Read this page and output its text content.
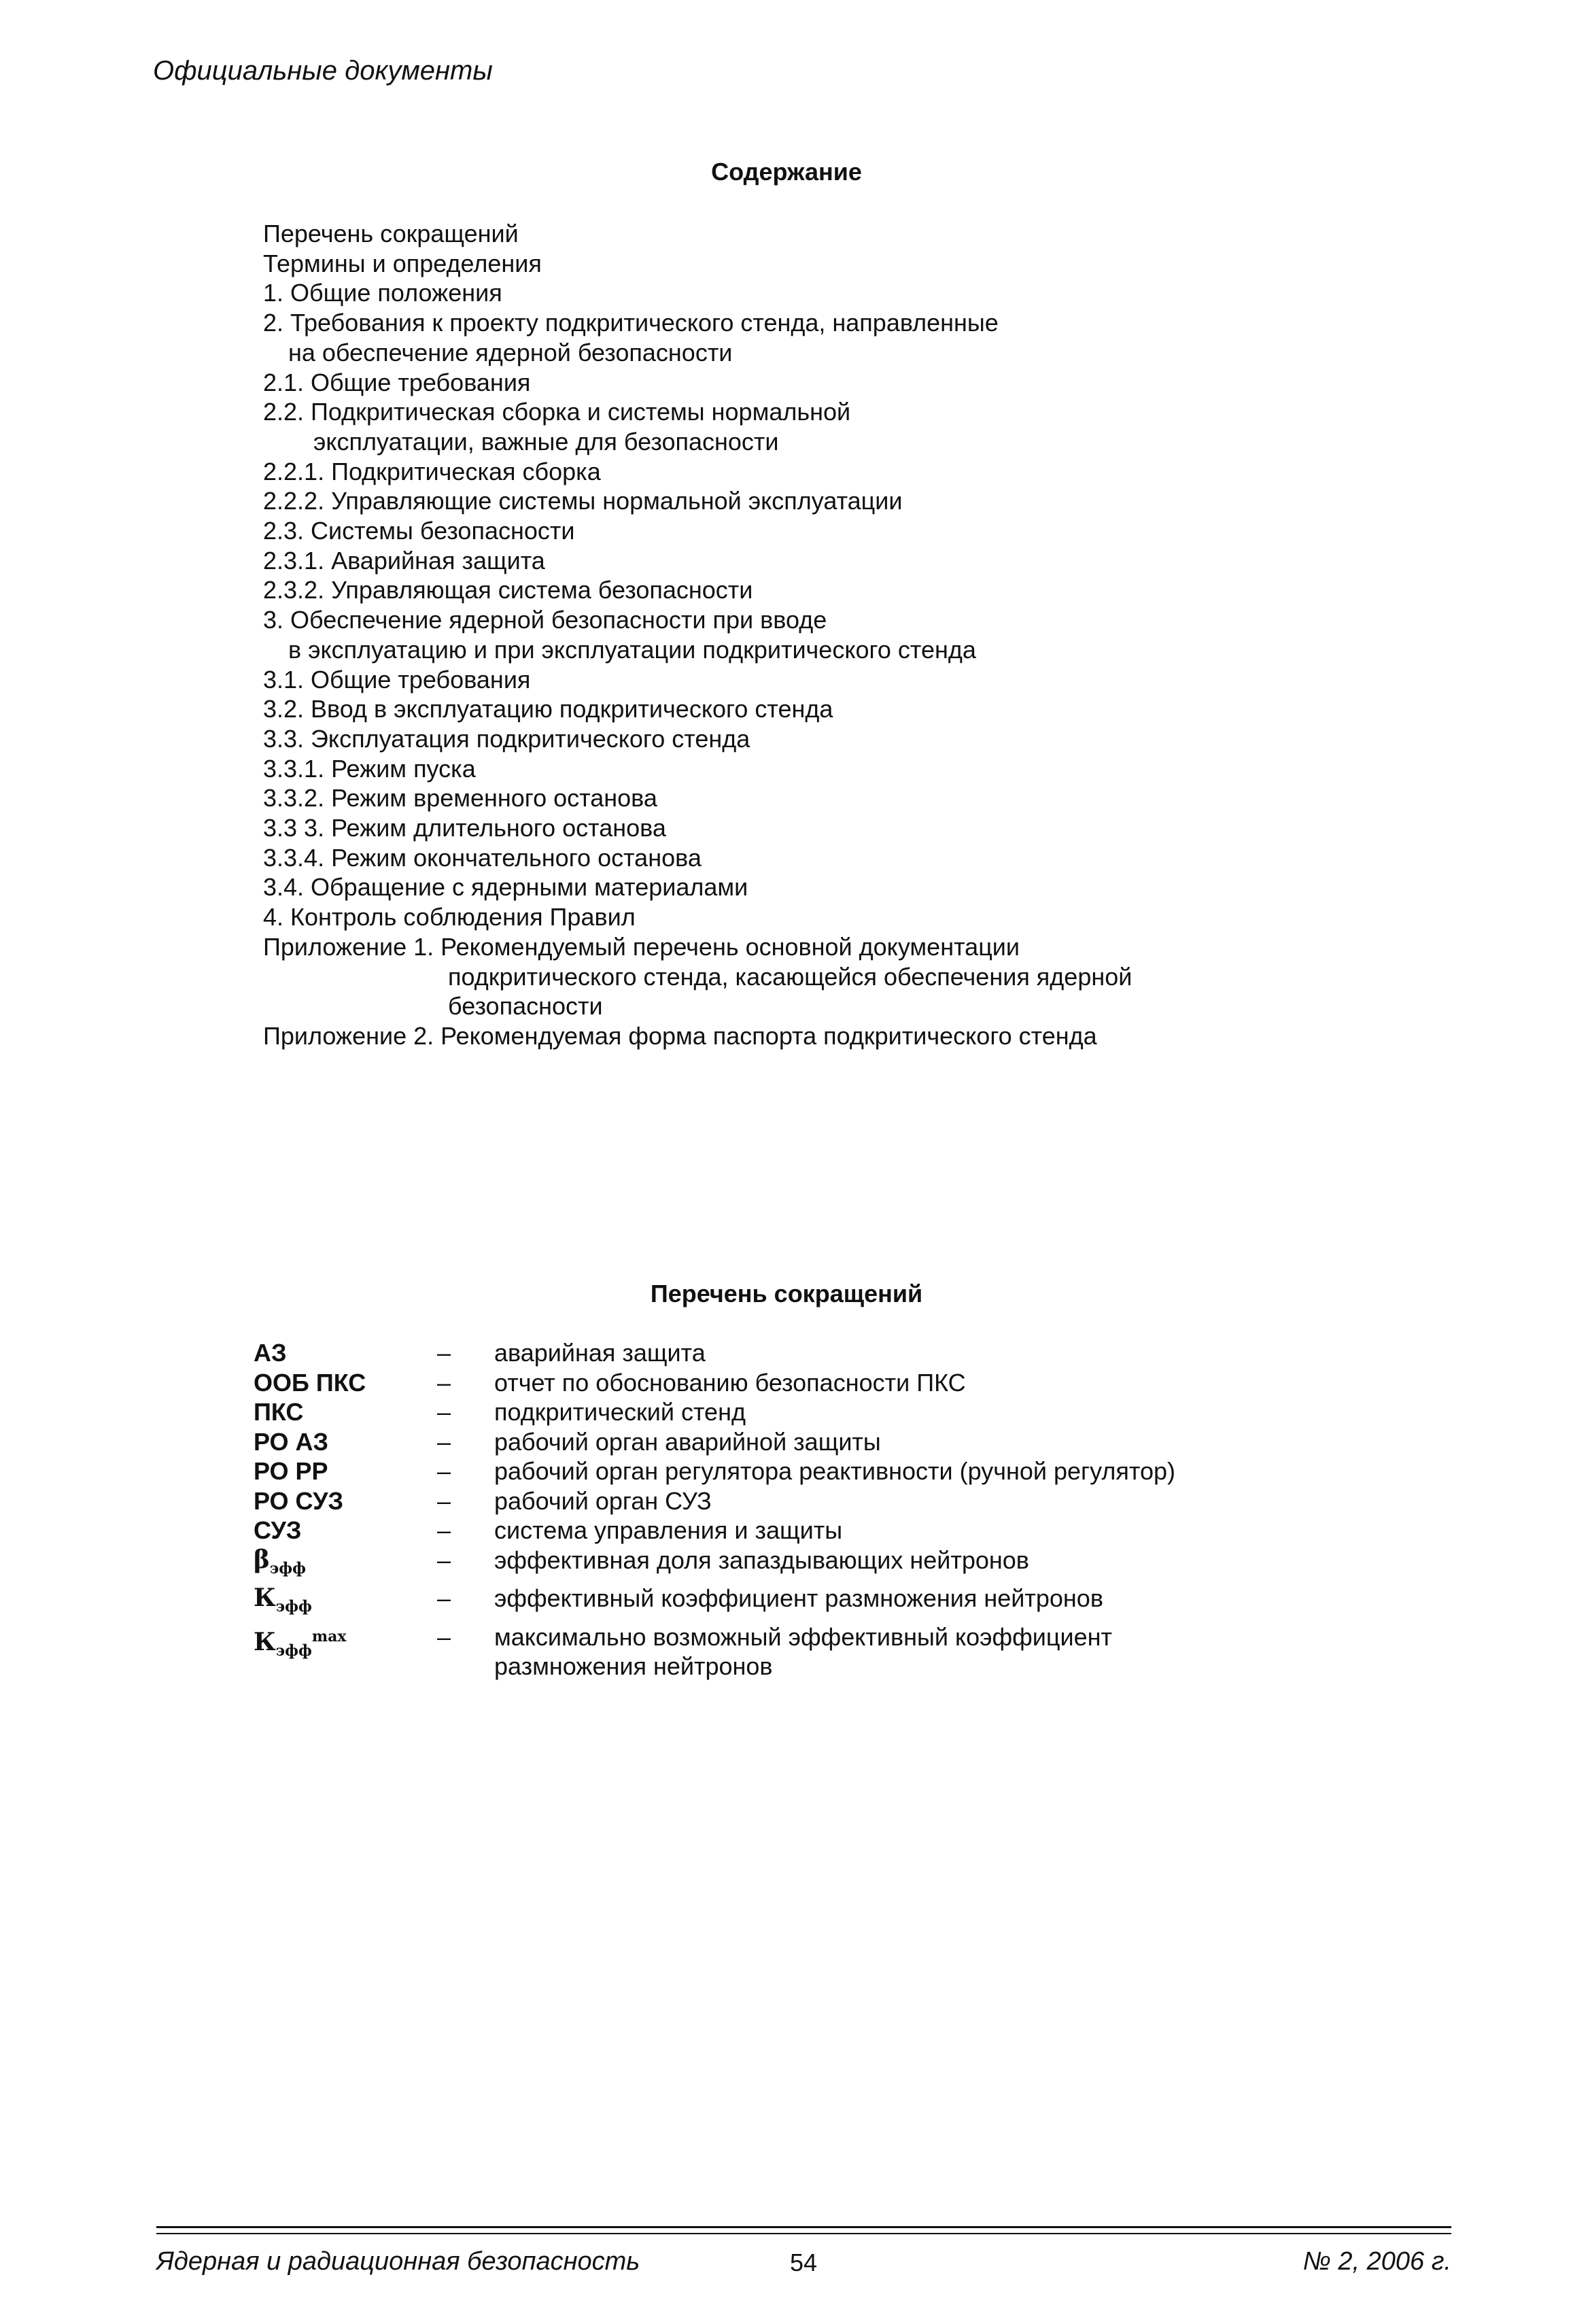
Официальные документы
Содержание
Перечень сокращений
Термины и определения
1. Общие положения
2. Требования к проекту подкритического стенда, направленные
на обеспечение ядерной безопасности
2.1. Общие требования
2.2. Подкритическая сборка и системы нормальной
эксплуатации, важные для безопасности
2.2.1. Подкритическая сборка
2.2.2. Управляющие системы нормальной эксплуатации
2.3. Системы безопасности
2.3.1. Аварийная защита
2.3.2. Управляющая система безопасности
3. Обеспечение ядерной безопасности при вводе
в эксплуатацию и при эксплуатации подкритического стенда
3.1. Общие требования
3.2. Ввод в эксплуатацию подкритического стенда
3.3. Эксплуатация подкритического стенда
3.3.1. Режим пуска
3.3.2. Режим временного останова
3.3 3. Режим длительного останова
3.3.4. Режим окончательного останова
3.4. Обращение с ядерными материалами
4. Контроль соблюдения Правил
Приложение 1. Рекомендуемый перечень основной документации
подкритического стенда, касающейся обеспечения ядерной
безопасности
Приложение 2. Рекомендуемая форма паспорта подкритического стенда
Перечень сокращений
АЗ	–	аварийная защита
ООБ ПКС	–	отчет по обоснованию безопасности ПКС
ПКС	–	подкритический стенд
РО АЗ	–	рабочий орган аварийной защиты
РО РР	–	рабочий орган регулятора реактивности (ручной регулятор)
РО СУЗ	–	рабочий орган СУЗ
СУЗ	–	система управления и защиты
$\beta_{эфф}$	–	эффективная доля запаздывающих нейтронов
$К_{эфф}$	–	эффективный коэффициент размножения нейтронов
$К_{эфф}^{max}$	–	максимально возможный эффективный коэффициент
размножения нейтронов
Ядерная и радиационная безопасность	54	№ 2, 2006 г.
